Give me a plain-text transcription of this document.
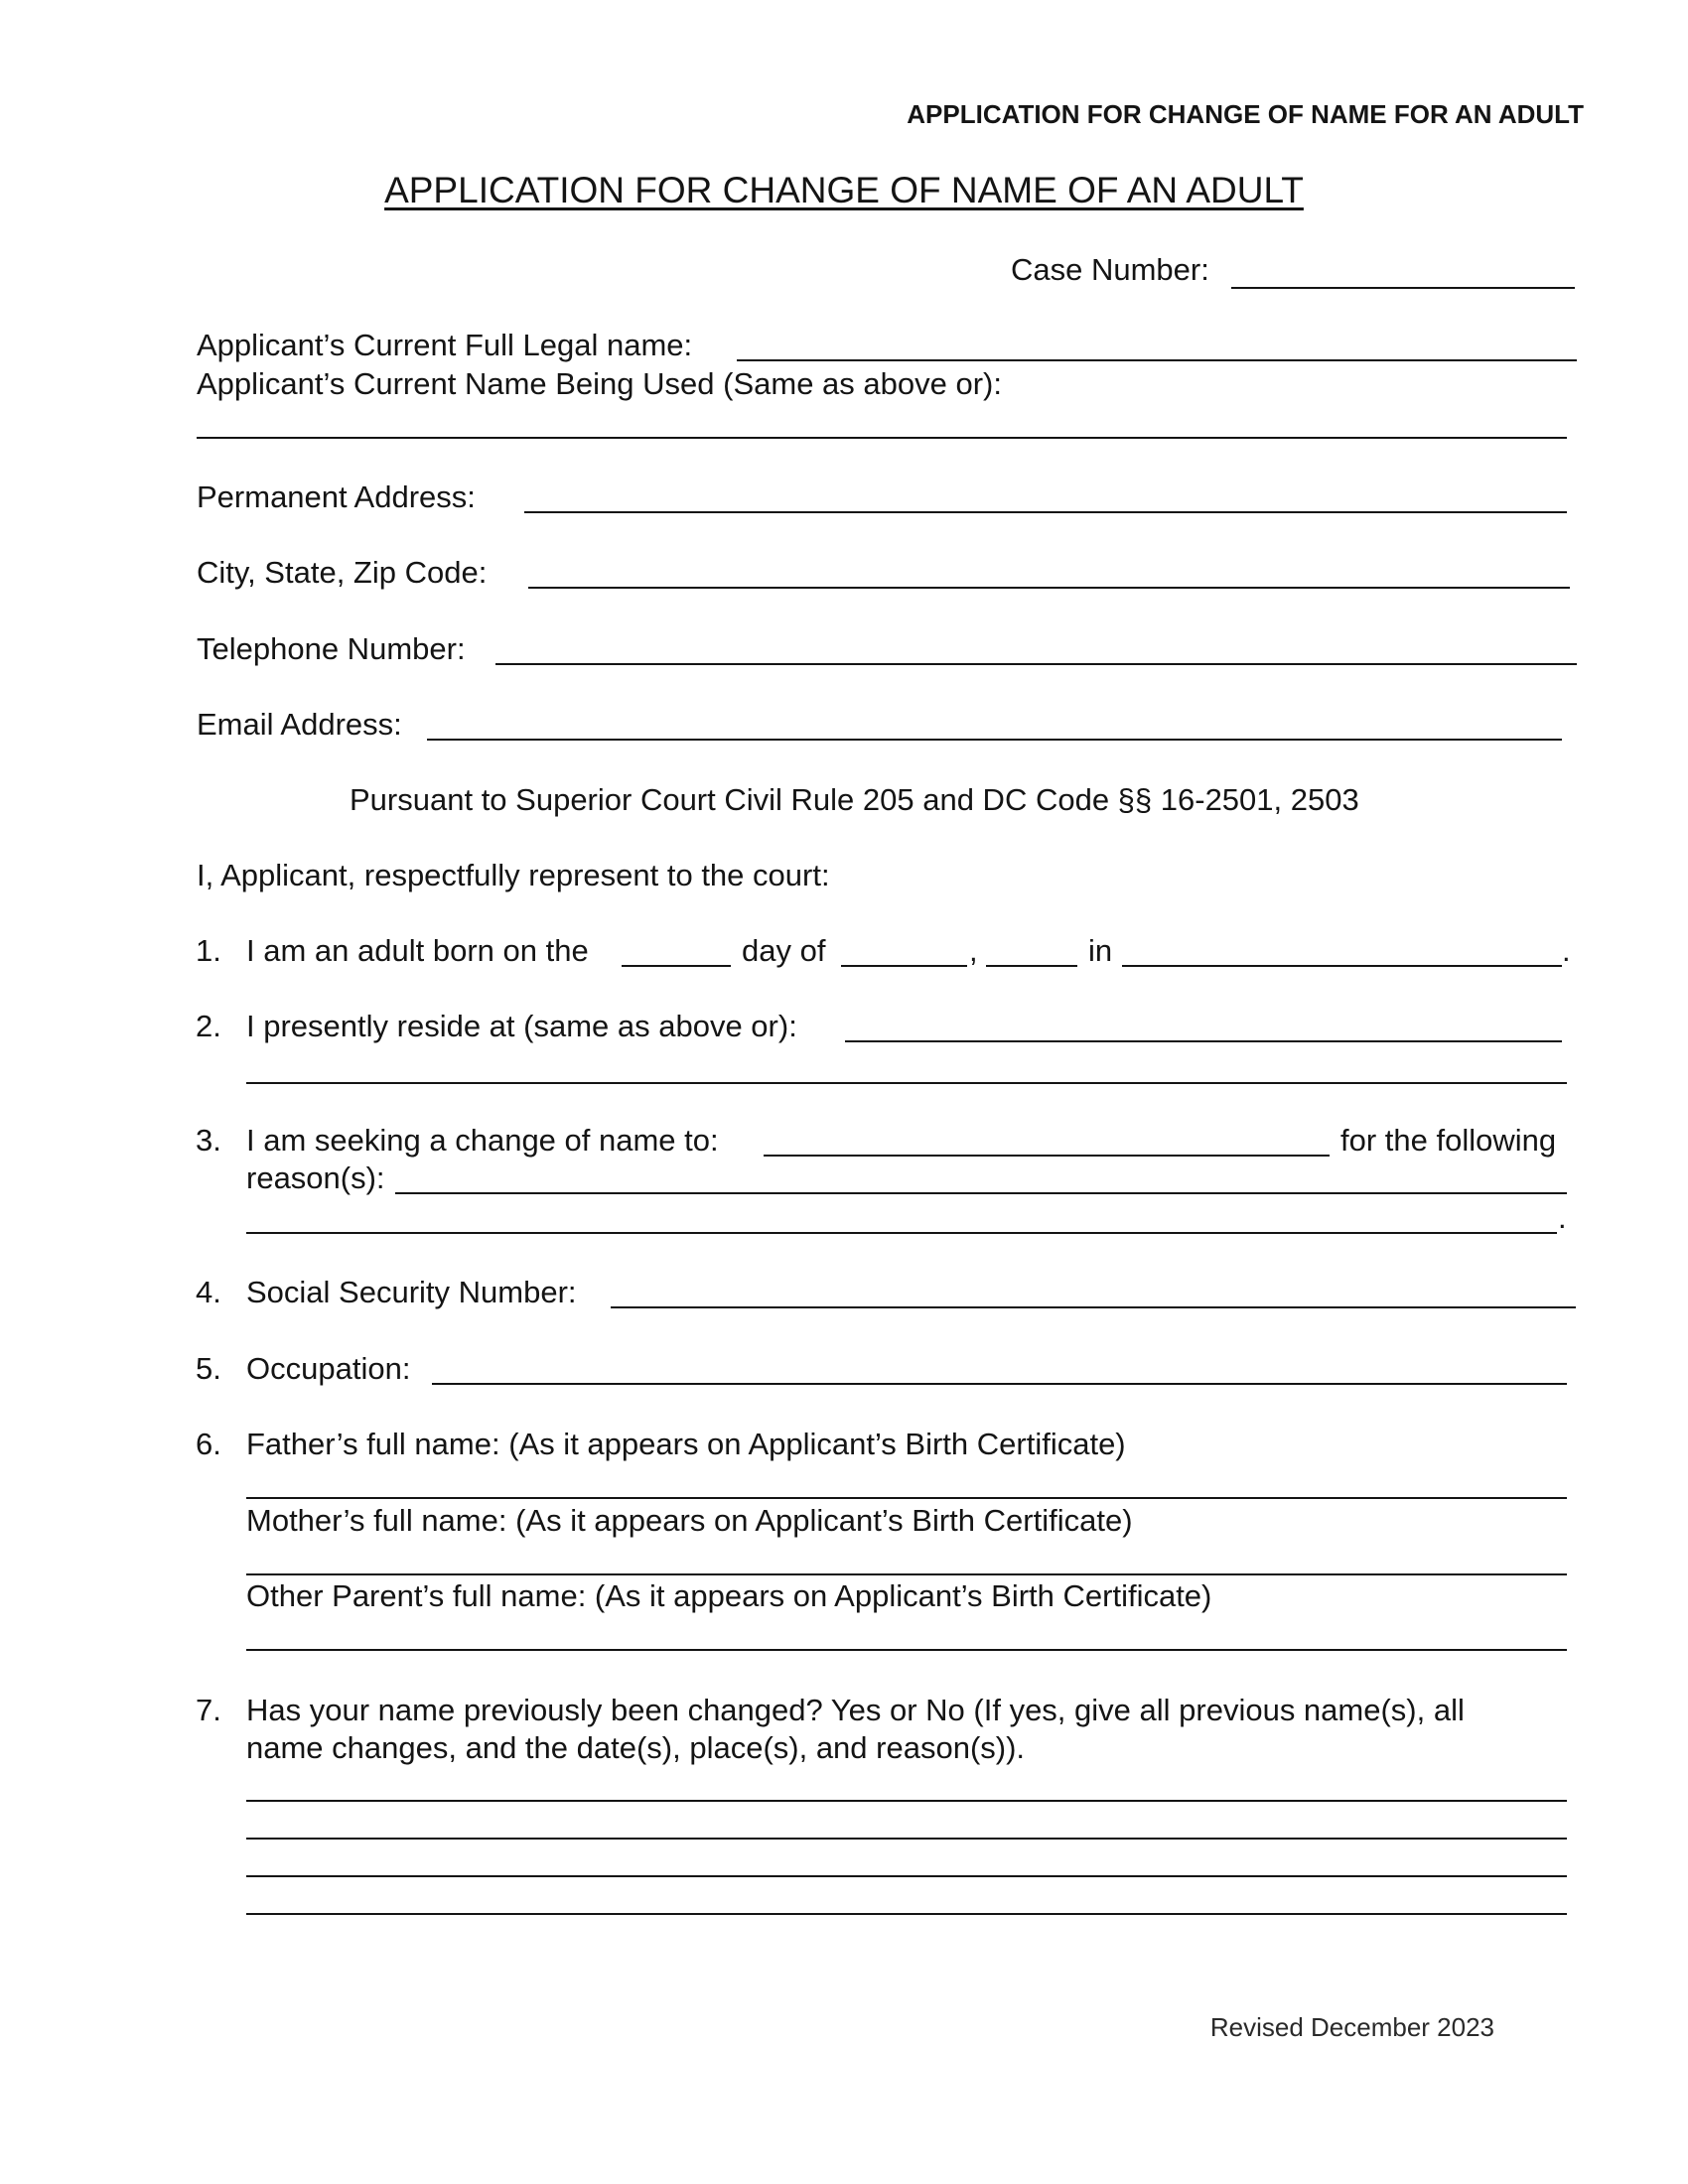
APPLICATION FOR CHANGE OF NAME FOR AN ADULT
APPLICATION FOR CHANGE OF NAME OF AN ADULT
Case Number:
Applicant’s Current Full Legal name:
Applicant’s Current Name Being Used (Same as above or):
Permanent Address:
City, State, Zip Code:
Telephone Number:
Email Address:
Pursuant to Superior Court Civil Rule 205 and DC Code §§ 16-2501, 2503
I, Applicant, respectfully represent to the court:
1. I am an adult born on the	day of	,	in	.
2. I presently reside at (same as above or):
3. I am seeking a change of name to:	for the following
reason(s):
.
4. Social Security Number:
5. Occupation:
6. Father’s full name: (As it appears on Applicant’s Birth Certificate)
Mother’s full name: (As it appears on Applicant’s Birth Certificate)
Other Parent’s full name: (As it appears on Applicant’s Birth Certificate)
7. Has your name previously been changed? Yes or No (If yes, give all previous name(s), all
name changes, and the date(s), place(s), and reason(s)).
Revised December 2023
